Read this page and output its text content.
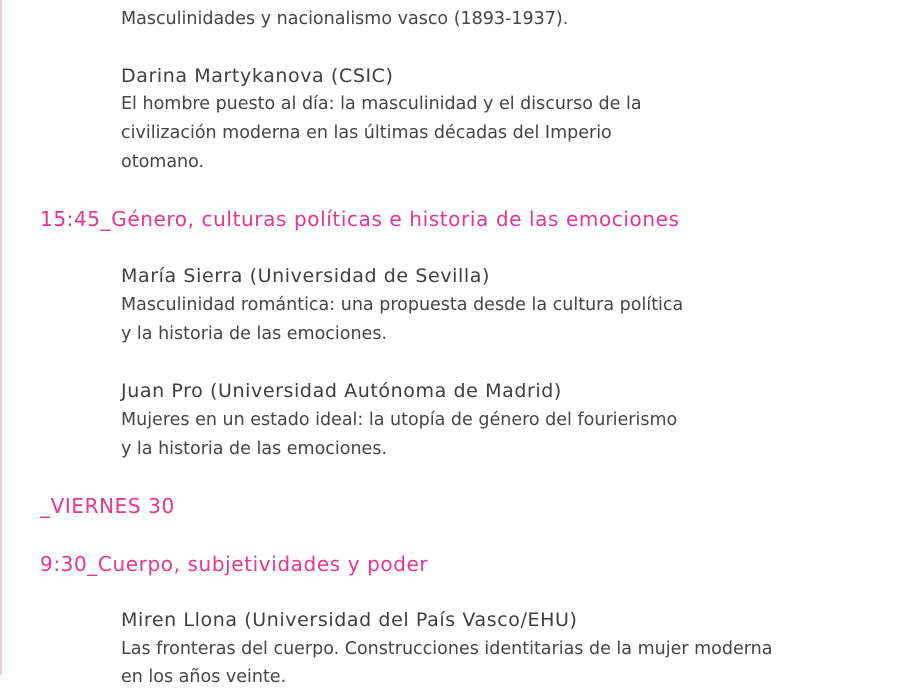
Masculinidades y nacionalismo vasco (1893-1937).
Darina Martykanova (CSIC)
El hombre puesto al día: la masculinidad y el discurso de la
civilización moderna en las últimas décadas del Imperio
otomano.
15:45_Género, culturas políticas e historia de las emociones
María Sierra (Universidad de Sevilla)
Masculinidad romántica: una propuesta desde la cultura política
y la historia de las emociones.
Juan Pro (Universidad Autónoma de Madrid)
Mujeres en un estado ideal: la utopía de género del fourierismo
y la historia de las emociones.
_VIERNES 30
9:30_Cuerpo, subjetividades y poder
Miren Llona (Universidad del País Vasco/EHU)
Las fronteras del cuerpo. Construcciones identitarias de la mujer moderna
en los años veinte.
